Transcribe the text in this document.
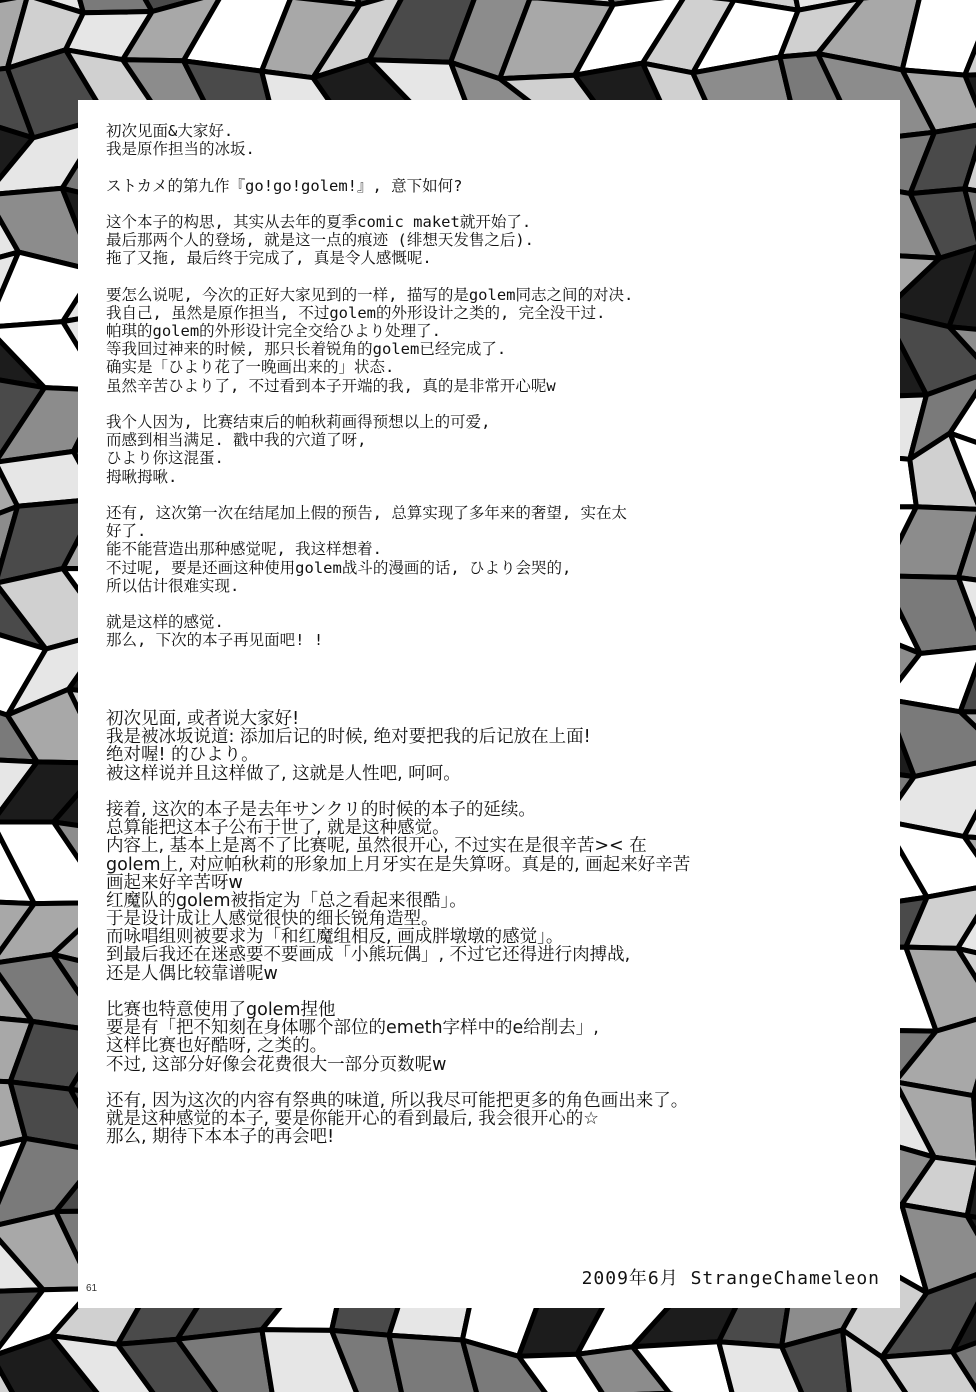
初次见面&大家好.
我是原作担当的冰坂.
ストカメ的第九作『go!go!golem!』, 意下如何?
这个本子的构思, 其实从去年的夏季comic maket就开始了.
最后那两个人的登场, 就是这一点的痕迹 (绯想天发售之后).
拖了又拖, 最后终于完成了, 真是令人感慨呢.
要怎么说呢, 今次的正好大家见到的一样, 描写的是golem同志之间的对决.
我自己, 虽然是原作担当, 不过golem的外形设计之类的, 完全没干过.
帕琪的golem的外形设计完全交给ひより处理了.
等我回过神来的时候, 那只长着锐角的golem已经完成了.
确实是「ひより花了一晚画出来的」状态.
虽然辛苦ひより了, 不过看到本子开端的我, 真的是非常开心呢w
我个人因为, 比赛结束后的帕秋莉画得预想以上的可爱,
而感到相当满足. 戳中我的穴道了呀,
ひより你这混蛋.
拇啾拇啾.
还有, 这次第一次在结尾加上假的预告, 总算实现了多年来的奢望, 实在太
好了.
能不能营造出那种感觉呢, 我这样想着.
不过呢, 要是还画这种使用golem战斗的漫画的话, ひより会哭的,
所以估计很难实现.
就是这样的感觉.
那么, 下次的本子再见面吧! !
初次见面, 或者说大家好!
我是被冰坂说道: 添加后记的时候, 绝对要把我的后记放在上面!
绝对喔! 的ひより。
被这样说并且这样做了, 这就是人性吧, 呵呵。
接着, 这次的本子是去年サンクリ的时候的本子的延续。
总算能把这本子公布于世了, 就是这种感觉。
内容上, 基本上是离不了比赛呢, 虽然很开心, 不过实在是很辛苦>< 在
golem上, 对应帕秋莉的形象加上月牙实在是失算呀。真是的, 画起来好辛苦
画起来好辛苦呀w
红魔队的golem被指定为「总之看起来很酷」。
于是设计成让人感觉很快的细长锐角造型。
而咏唱组则被要求为「和红魔组相反, 画成胖墩墩的感觉」。
到最后我还在迷惑要不要画成「小熊玩偶」, 不过它还得进行肉搏战,
还是人偶比较靠谱呢w
比赛也特意使用了golem捏他
要是有「把不知刻在身体哪个部位的emeth字样中的e给削去」,
这样比赛也好酷呀, 之类的。
不过, 这部分好像会花费很大一部分页数呢w
还有, 因为这次的内容有祭典的味道, 所以我尽可能把更多的角色画出来了。
就是这种感觉的本子, 要是你能开心的看到最后, 我会很开心的☆
那么, 期待下本本子的再会吧!
2009年6月 StrangeChameleon
61
